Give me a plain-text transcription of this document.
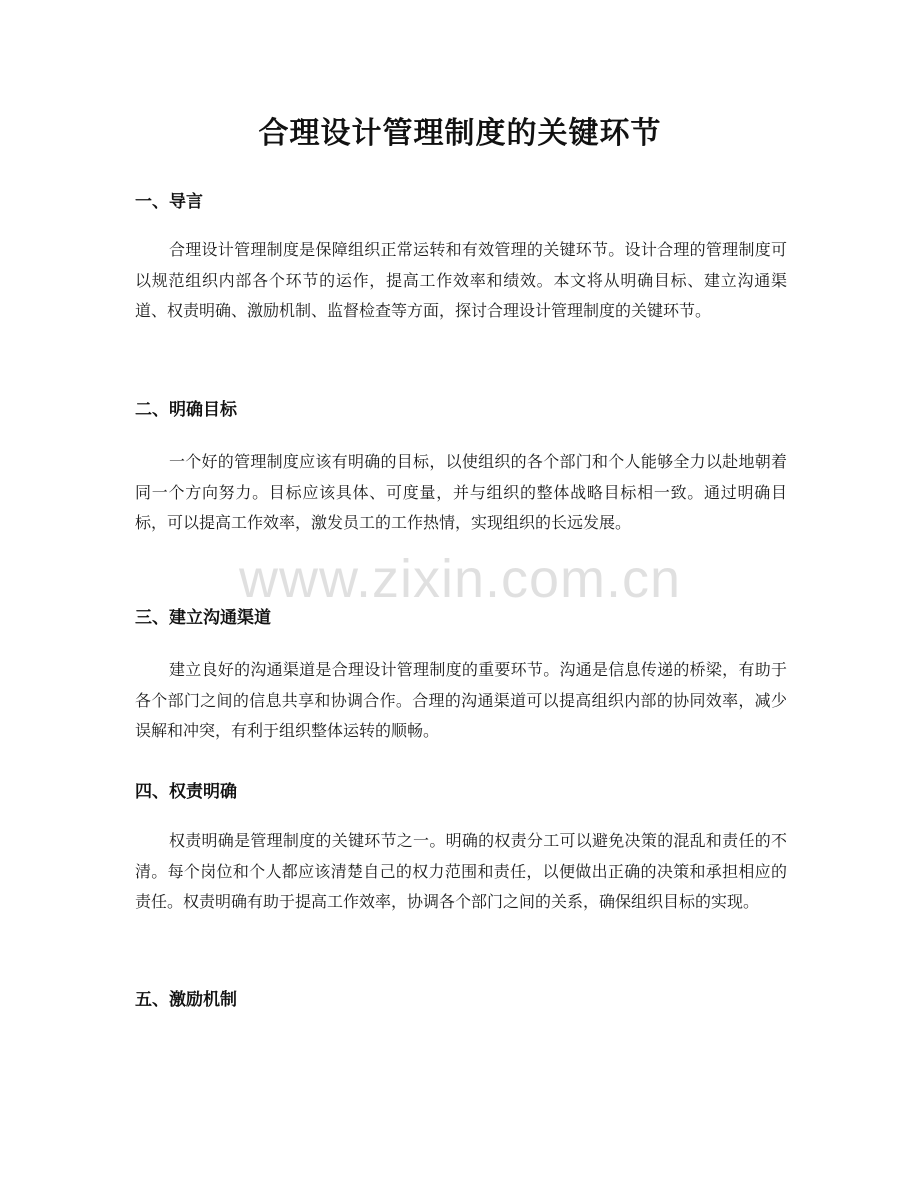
合理设计管理制度的关键环节
一、导言

合理设计管理制度是保障组织正常运转和有效管理的关键环节。设计合理的管理制度可以规范组织内部各个环节的运作，提高工作效率和绩效。本文将从明确目标、建立沟通渠道、权责明确、激励机制、监督检查等方面，探讨合理设计管理制度的关键环节。

二、明确目标

一个好的管理制度应该有明确的目标，以使组织的各个部门和个人能够全力以赴地朝着同一个方向努力。目标应该具体、可度量，并与组织的整体战略目标相一致。通过明确目标，可以提高工作效率，激发员工的工作热情，实现组织的长远发展。

三、建立沟通渠道

建立良好的沟通渠道是合理设计管理制度的重要环节。沟通是信息传递的桥梁，有助于各个部门之间的信息共享和协调合作。合理的沟通渠道可以提高组织内部的协同效率，减少误解和冲突，有利于组织整体运转的顺畅。

四、权责明确

权责明确是管理制度的关键环节之一。明确的权责分工可以避免决策的混乱和责任的不清。每个岗位和个人都应该清楚自己的权力范围和责任，以便做出正确的决策和承担相应的责任。权责明确有助于提高工作效率，协调各个部门之间的关系，确保组织目标的实现。

五、激励机制
www.zixin.com.cn
